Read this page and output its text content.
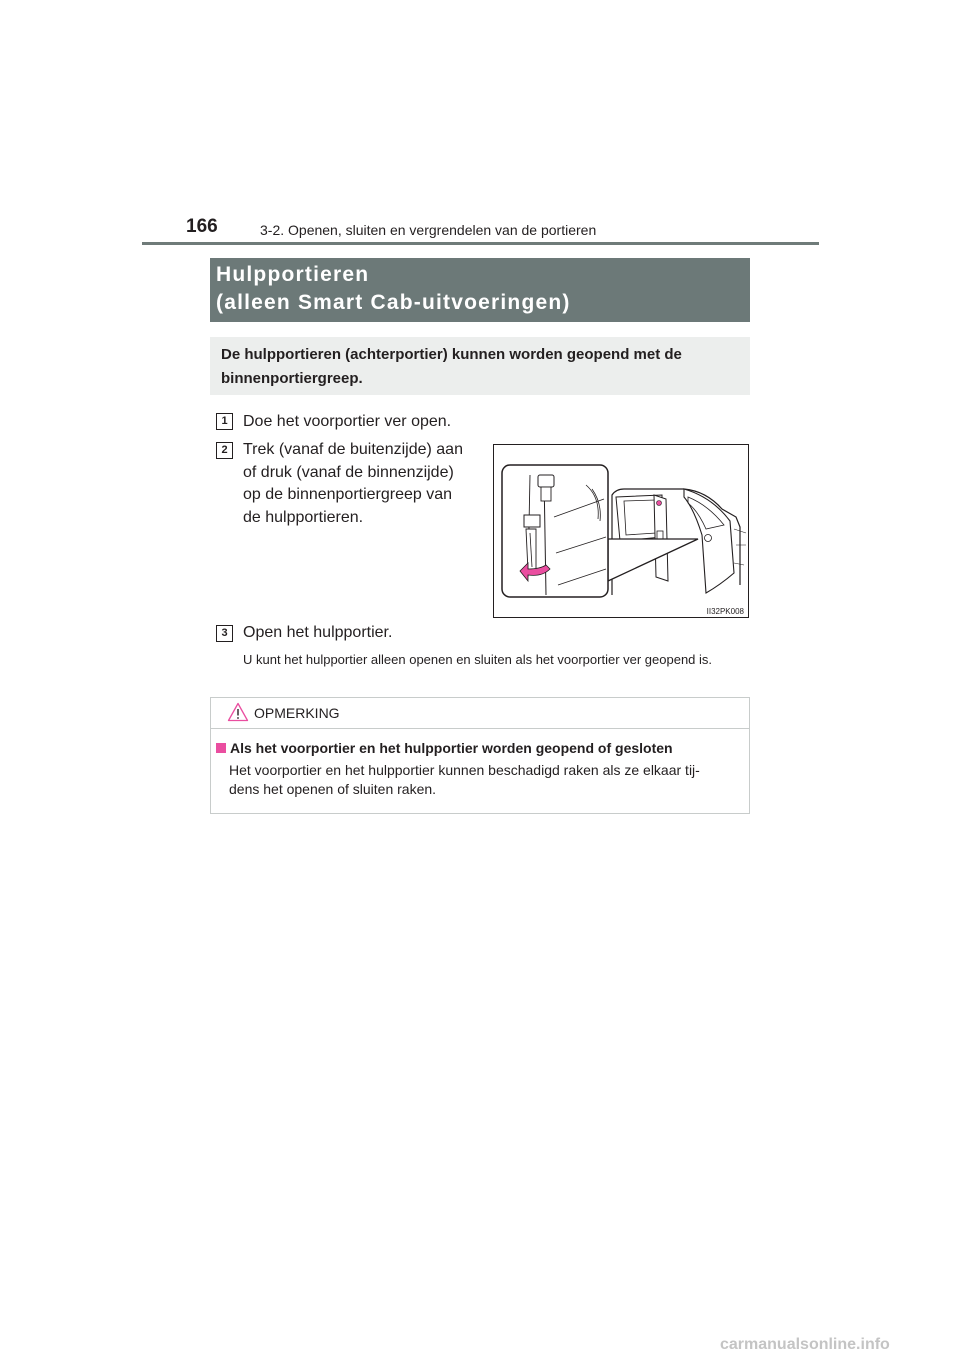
166	3-2. Openen, sluiten en vergrendelen van de portieren
Hulpportieren
(alleen Smart Cab-uitvoeringen)
De hulpportieren (achterportier) kunnen worden geopend met de
binnenportiergreep.
1 Doe het voorportier ver open.
2 Trek (vanaf de buitenzijde) aan
of druk (vanaf de binnenzijde)
op de binnenportiergreep van
de hulpportieren.
II32PK008
3 Open het hulpportier.
U kunt het hulpportier alleen openen en sluiten als het voorportier ver geopend is.
OPMERKING
Als het voorportier en het hulpportier worden geopend of gesloten
Het voorportier en het hulpportier kunnen beschadigd raken als ze elkaar tij-
dens het openen of sluiten raken.
carmanualsonline.info
